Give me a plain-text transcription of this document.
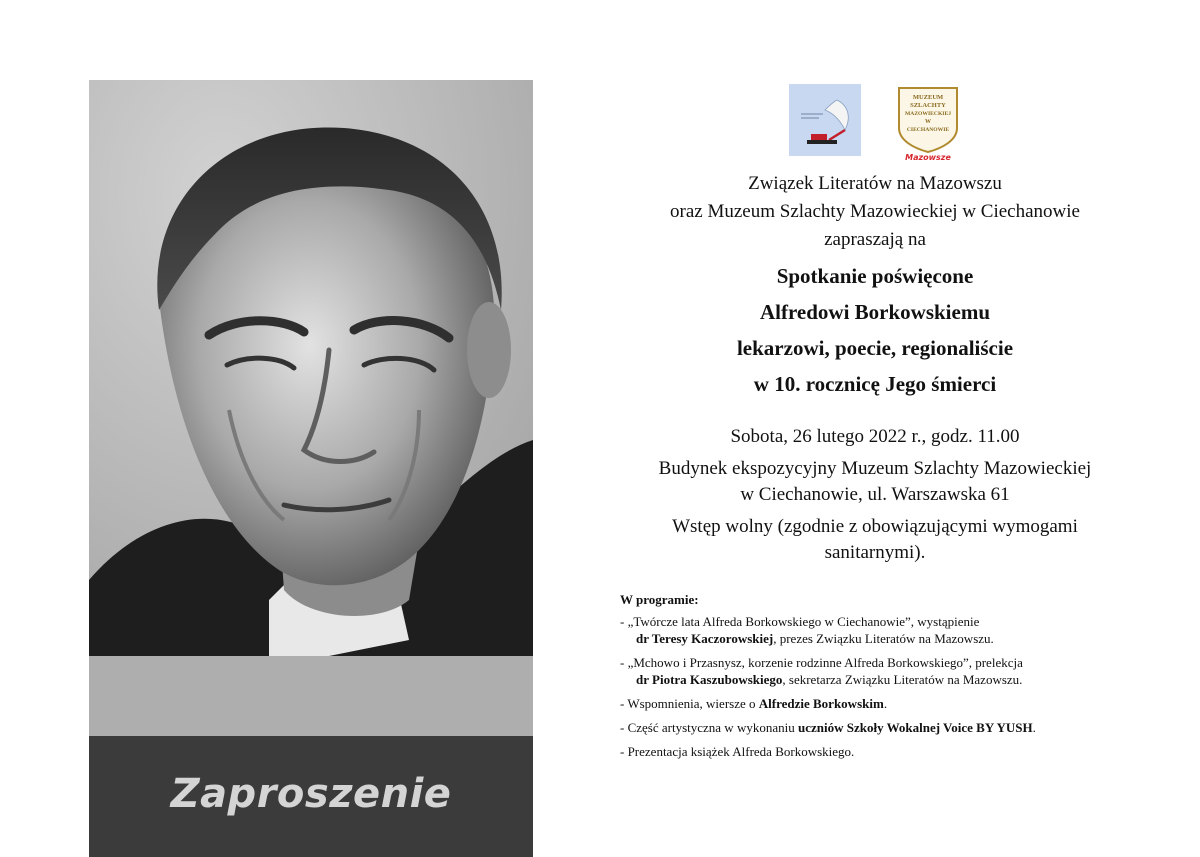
Zaproszenie
MUZEUM
SZLACHTY
MAZOWIECKIEJ
W
CIECHANOWIE
Mazowsze

Związek Literatów na Mazowszu

oraz Muzeum Szlachty Mazowieckiej w Ciechanowie

zapraszają na

Spotkanie poświęcone

Alfredowi Borkowskiemu

lekarzowi, poecie, regionaliście

w 10. rocznicę Jego śmierci

Sobota, 26 lutego 2022 r., godz. 11.00

Budynek ekspozycyjny Muzeum Szlachty Mazowieckiej

w Ciechanowie, ul. Warszawska 61

Wstęp wolny (zgodnie z obowiązującymi wymogami

sanitarnymi).

W programie:
- „Twórcze lata Alfreda Borkowskiego w Ciechanowie”, wystąpienie
dr Teresy Kaczorowskiej, prezes Związku Literatów na Mazowszu.
- „Mchowo i Przasnysz, korzenie rodzinne Alfreda Borkowskiego”, prelekcja
dr Piotra Kaszubowskiego, sekretarza Związku Literatów na Mazowszu.
- Wspomnienia, wiersze o Alfredzie Borkowskim.
- Część artystyczna w wykonaniu uczniów Szkoły Wokalnej Voice BY YUSH.
- Prezentacja książek Alfreda Borkowskiego.
